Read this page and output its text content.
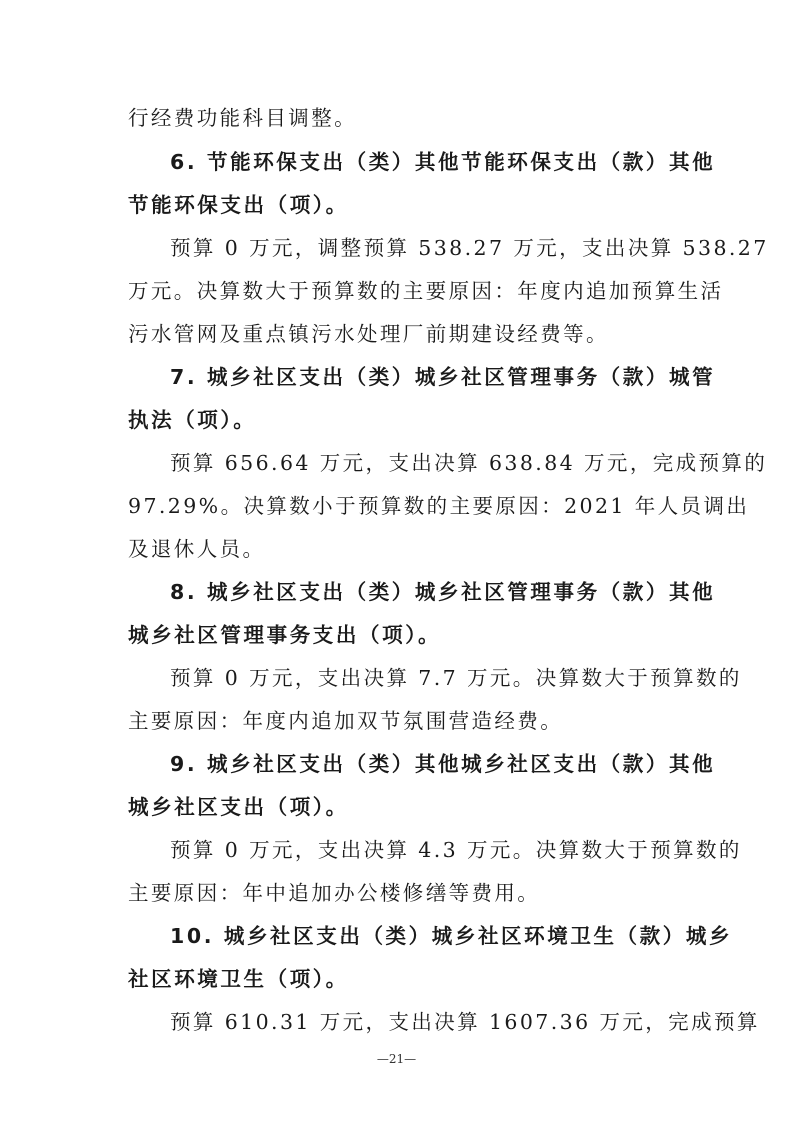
行经费功能科目调整。
6. 节能环保支出（类）其他节能环保支出（款）其他
节能环保支出（项）。
预算 0 万元，调整预算 538.27 万元，支出决算 538.27
万元。决算数大于预算数的主要原因：年度内追加预算生活
污水管网及重点镇污水处理厂前期建设经费等。
7. 城乡社区支出（类）城乡社区管理事务（款）城管
执法（项）。
预算 656.64 万元，支出决算 638.84 万元，完成预算的
97.29%。决算数小于预算数的主要原因：2021 年人员调出
及退休人员。
8. 城乡社区支出（类）城乡社区管理事务（款）其他
城乡社区管理事务支出（项）。
预算 0 万元，支出决算 7.7 万元。决算数大于预算数的
主要原因：年度内追加双节氛围营造经费。
9. 城乡社区支出（类）其他城乡社区支出（款）其他
城乡社区支出（项）。
预算 0 万元，支出决算 4.3 万元。决算数大于预算数的
主要原因：年中追加办公楼修缮等费用。
10. 城乡社区支出（类）城乡社区环境卫生（款）城乡
社区环境卫生（项）。
预算 610.31 万元，支出决算 1607.36 万元，完成预算
—21—
